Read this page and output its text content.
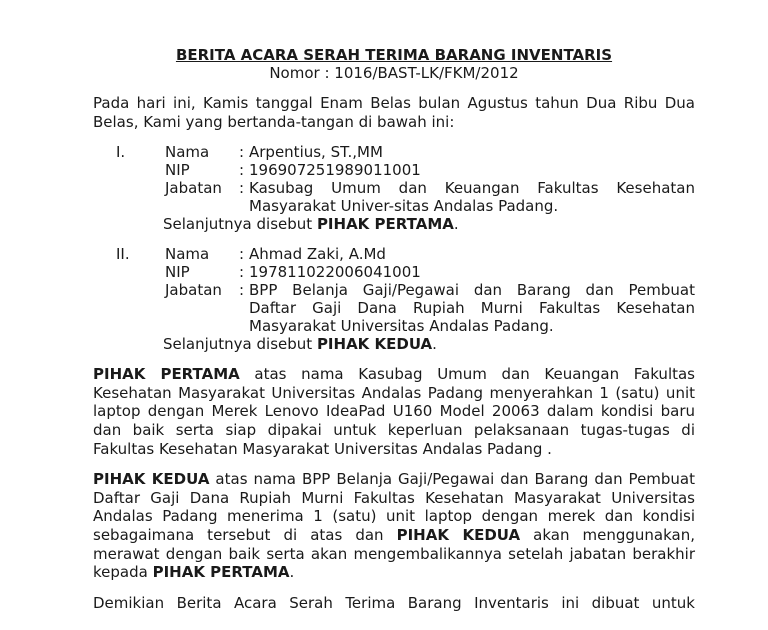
BERITA ACARA SERAH TERIMA BARANG INVENTARIS

Nomor : 1016/BAST-LK/FKM/2012

Pada hari ini, Kamis tanggal Enam Belas bulan Agustus tahun Dua Ribu Dua Belas, Kami yang bertanda-tangan di bawah ini:

I.	Nama	: Arpentius, ST.,MM
NIP	: 196907251989011001
Jabatan	: Kasubag Umum dan Keuangan Fakultas Kesehatan
Masyarakat Univer-sitas Andalas Padang.
Selanjutnya disebut PIHAK PERTAMA.
II. Nama	: Ahmad Zaki, A.Md
NIP	: 197811022006041001
Jabatan	: BPP Belanja Gaji/Pegawai dan Barang dan Pembuat
Daftar Gaji Dana Rupiah Murni Fakultas Kesehatan
Masyarakat Universitas Andalas Padang.
Selanjutnya disebut PIHAK KEDUA.

PIHAK PERTAMA atas nama Kasubag Umum dan Keuangan Fakultas Kesehatan Masyarakat Universitas Andalas Padang menyerahkan 1 (satu) unit laptop dengan Merek Lenovo IdeaPad U160 Model 20063 dalam kondisi baru dan baik serta siap dipakai untuk keperluan pelaksanaan tugas-tugas di Fakultas Kesehatan Masyarakat Universitas Andalas Padang .

PIHAK KEDUA atas nama BPP Belanja Gaji/Pegawai dan Barang dan Pembuat Daftar Gaji Dana Rupiah Murni Fakultas Kesehatan Masyarakat Universitas Andalas Padang menerima 1 (satu) unit laptop dengan merek dan kondisi sebagaimana tersebut di atas dan PIHAK KEDUA akan menggunakan, merawat dengan baik serta akan mengembalikannya setelah jabatan berakhir kepada PIHAK PERTAMA.

Demikian Berita Acara Serah Terima Barang Inventaris ini dibuat untuk
